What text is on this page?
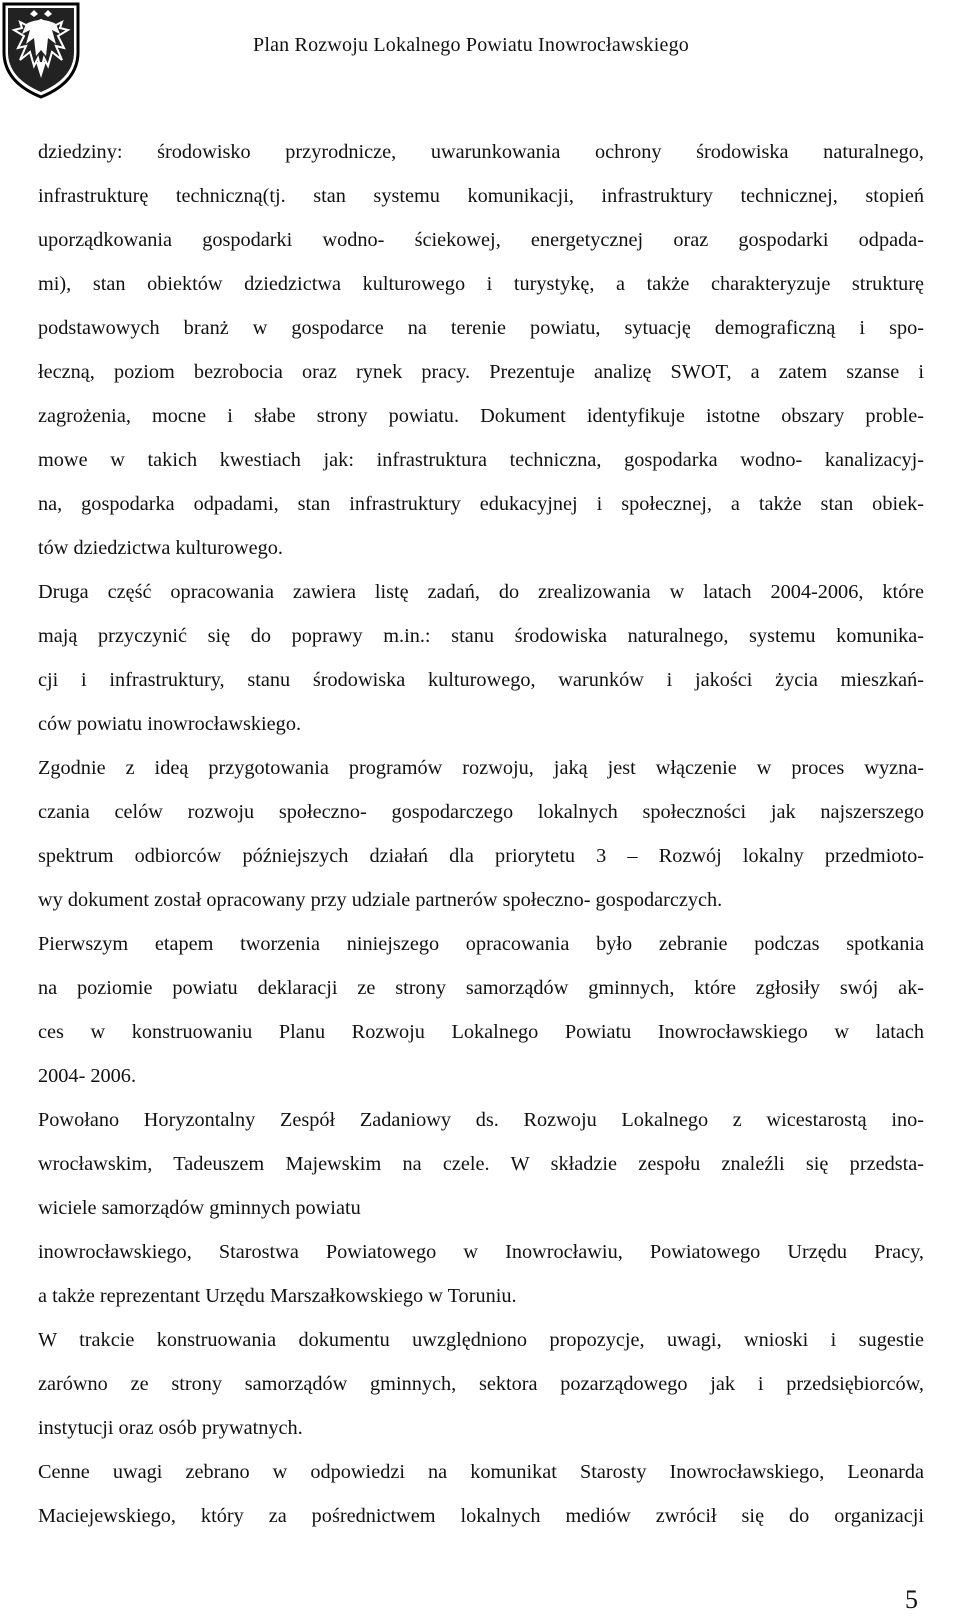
Plan Rozwoju Lokalnego Powiatu Inowrocławskiego
dziedziny: środowisko przyrodnicze, uwarunkowania ochrony środowiska naturalnego,
infrastrukturę techniczną(tj. stan systemu komunikacji, infrastruktury technicznej, stopień
uporządkowania gospodarki wodno- ściekowej, energetycznej oraz gospodarki odpada-
mi), stan obiektów dziedzictwa kulturowego i turystykę, a także charakteryzuje strukturę
podstawowych branż w gospodarce na terenie powiatu, sytuację demograficzną i spo-
łeczną, poziom bezrobocia oraz rynek pracy. Prezentuje analizę SWOT, a zatem szanse i
zagrożenia, mocne i słabe strony powiatu. Dokument identyfikuje istotne obszary proble-
mowe w takich kwestiach jak: infrastruktura techniczna, gospodarka wodno- kanalizacyj-
na, gospodarka odpadami, stan infrastruktury edukacyjnej i społecznej, a także stan obiek-
tów dziedzictwa kulturowego.
Druga część opracowania zawiera listę zadań, do zrealizowania w latach 2004-2006, które
mają przyczynić się do poprawy m.in.: stanu środowiska naturalnego, systemu komunika-
cji i infrastruktury, stanu środowiska kulturowego, warunków i jakości życia mieszkań-
ców powiatu inowrocławskiego.
Zgodnie z ideą przygotowania programów rozwoju, jaką jest włączenie w proces wyzna-
czania celów rozwoju społeczno- gospodarczego lokalnych społeczności jak najszerszego
spektrum odbiorców późniejszych działań dla priorytetu 3 – Rozwój lokalny przedmioto-
wy dokument został opracowany przy udziale partnerów społeczno- gospodarczych.
Pierwszym etapem tworzenia niniejszego opracowania było zebranie podczas spotkania
na poziomie powiatu deklaracji ze strony samorządów gminnych, które zgłosiły swój ak-
ces w konstruowaniu Planu Rozwoju Lokalnego Powiatu Inowrocławskiego w latach
2004- 2006.
Powołano Horyzontalny Zespół Zadaniowy ds. Rozwoju Lokalnego z wicestarostą ino-
wrocławskim, Tadeuszem Majewskim na czele. W składzie zespołu znaleźli się przedsta-
wiciele samorządów gminnych powiatu
inowrocławskiego, Starostwa Powiatowego w Inowrocławiu, Powiatowego Urzędu Pracy,
a także reprezentant Urzędu Marszałkowskiego w Toruniu.
W trakcie konstruowania dokumentu uwzględniono propozycje, uwagi, wnioski i sugestie
zarówno ze strony samorządów gminnych, sektora pozarządowego jak i przedsiębiorców,
instytucji oraz osób prywatnych.
Cenne uwagi zebrano w odpowiedzi na komunikat Starosty Inowrocławskiego, Leonarda
Maciejewskiego, który za pośrednictwem lokalnych mediów zwrócił się do organizacji
5
